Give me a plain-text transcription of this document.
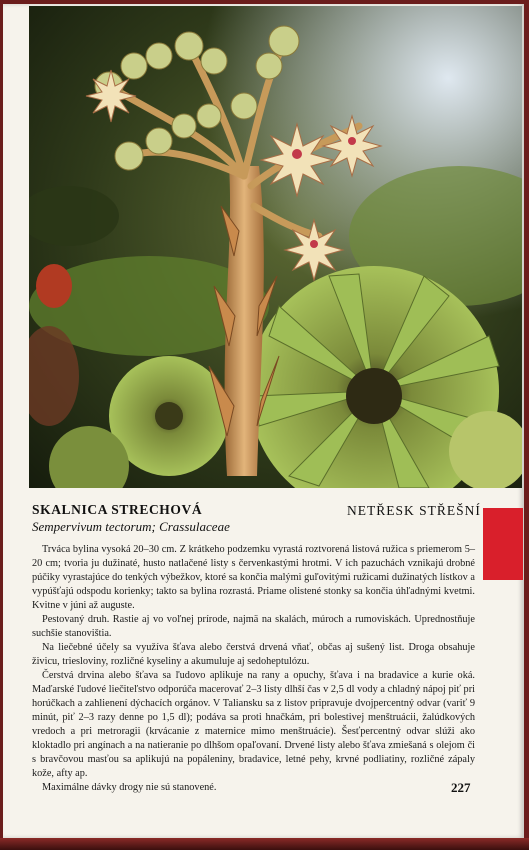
SKALNICA STRECHOVÁ	NETŘESK STŘEŠNÍ
Sempervivum tectorum; Crassulaceae

Trváca bylina vysoká 20–30 cm. Z krátkeho podzemku vyrastá roztvorená listová ružica s priemerom 5–20 cm; tvoria ju dužinaté, husto natlačené listy s červenkastými hrotmi. V ich pazuchách vznikajú drobné púčiky vyrastajúce do tenkých výbežkov, ktoré sa končia malými guľovitými ružicami dužinatých lístkov a vypúšťajú odspodu korienky; takto sa bylina rozrastá. Priame olistené stonky sa končia úhľadnými kvetmi. Kvitne v júni až auguste.

Pestovaný druh. Rastie aj vo voľnej prírode, najmä na skalách, múroch a rumoviskách. Uprednostňuje suchšie stanovištia.

Na liečebné účely sa využíva šťava alebo čerstvá drvená vňať, občas aj sušený list. Droga obsahuje živicu, triesloviny, rozličné kyseliny a akumuluje aj sedoheptulózu.

Čerstvá drvina alebo šťava sa ľudovo aplikuje na rany a opuchy, šťava i na bradavice a kurie oká. Maďarské ľudové liečiteľstvo odporúča macerovať 2–3 listy dlhší čas v 2,5 dl vody a chladný nápoj piť pri horúčkach a zahlienení dýchacích orgánov. V Taliansku sa z listov pripravuje dvojpercentný odvar (variť 9 minút, piť 2–3 razy denne po 1,5 dl); podáva sa proti hnačkám, pri bolestivej menštruácii, žalúdkových vredoch a pri metroragii (krvácanie z maternice mimo menštruácie). Šesťpercentný odvar slúži ako kloktadlo pri angínach a na natieranie po dlhšom opaľovaní. Drvené listy alebo šťava zmiešaná s olejom či s bravčovou masťou sa aplikujú na popáleniny, bradavice, letné pehy, krvné podliatiny, rozličné zápaly kože, afty ap.

Maximálne dávky drogy nie sú stanovené.	227
